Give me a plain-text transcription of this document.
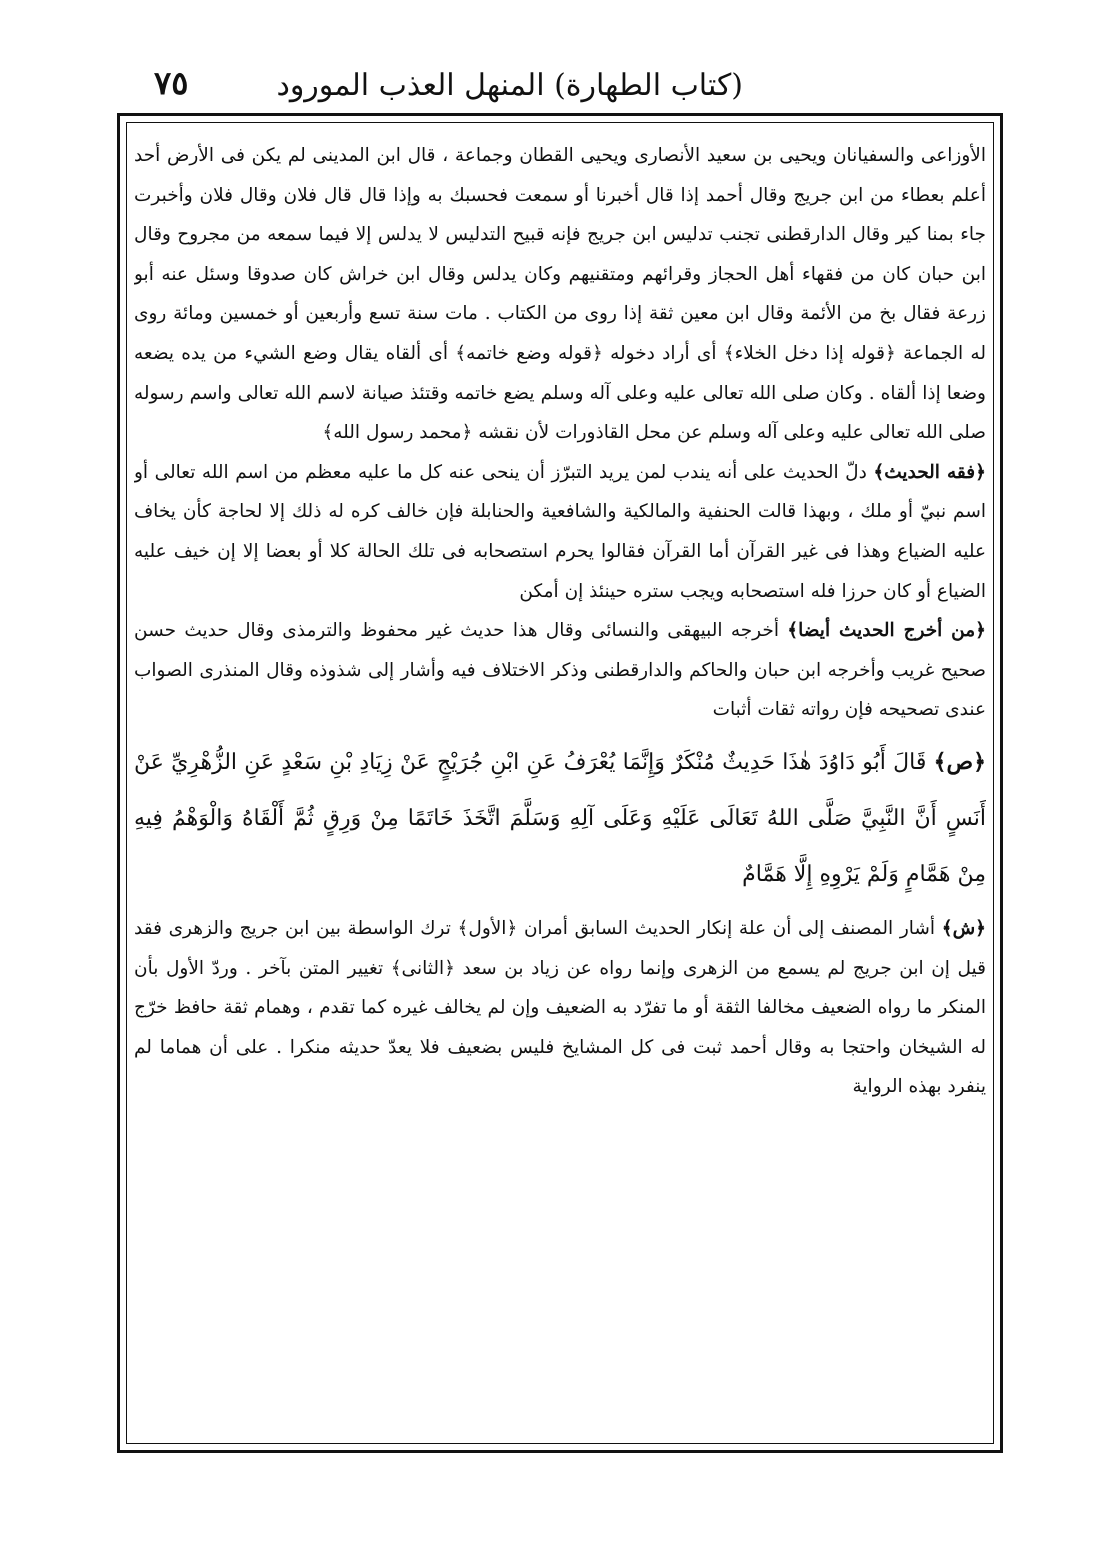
(كتاب الطهارة) المنهل العذب المورود
٧٥

الأوزاعى والسفيانان ويحيى بن سعيد الأنصارى ويحيى القطان وجماعة ، قال ابن المدينى لم يكن فى الأرض أحد أعلم بعطاء من ابن جريج وقال أحمد إذا قال أخبرنا أو سمعت فحسبك به وإذا قال قال فلان وقال فلان وأخبرت جاء بمنا كير وقال الدارقطنى تجنب تدليس ابن جريج فإنه قبيح التدليس لا يدلس إلا فيما سمعه من مجروح وقال ابن حبان كان من فقهاء أهل الحجاز وقرائهم ومتقنيهم وكان يدلس وقال ابن خراش كان صدوقا وسئل عنه أبو زرعة فقال بخ من الأئمة وقال ابن معين ثقة إذا روى من الكتاب . مات سنة تسع وأربعين أو خمسين ومائة روى له الجماعة ﴿قوله إذا دخل الخلاء﴾ أى أراد دخوله ﴿قوله وضع خاتمه﴾ أى ألقاه يقال وضع الشيء من يده يضعه وضعا إذا ألقاه . وكان صلى الله تعالى عليه وعلى آله وسلم يضع خاتمه وقتئذ صيانة لاسم الله تعالى واسم رسوله صلى الله تعالى عليه وعلى آله وسلم عن محل القاذورات لأن نقشه ﴿محمد رسول الله﴾

﴿فقه الحديث﴾ دلّ الحديث على أنه يندب لمن يريد التبرّز أن ينحى عنه كل ما عليه معظم من اسم الله تعالى أو اسم نبيّ أو ملك ، وبهذا قالت الحنفية والمالكية والشافعية والحنابلة فإن خالف كره له ذلك إلا لحاجة كأن يخاف عليه الضياع وهذا فى غير القرآن أما القرآن فقالوا يحرم استصحابه فى تلك الحالة كلا أو بعضا إلا إن خيف عليه الضياع أو كان حرزا فله استصحابه ويجب ستره حينئذ إن أمكن

﴿من أخرج الحديث أيضا﴾ أخرجه البيهقى والنسائى وقال هذا حديث غير محفوظ والترمذى وقال حديث حسن صحيح غريب وأخرجه ابن حبان والحاكم والدارقطنى وذكر الاختلاف فيه وأشار إلى شذوذه وقال المنذرى الصواب عندى تصحيحه فإن رواته ثقات أثبات

﴿ص﴾ قَالَ أَبُو دَاوُدَ هٰذَا حَدِيثٌ مُنْكَرٌ وَإِنَّمَا يُعْرَفُ عَنِ ابْنِ جُرَيْجٍ عَنْ زِيَادِ بْنِ سَعْدٍ عَنِ الزُّهْرِيِّ عَنْ أَنَسٍ أَنَّ النَّبِيَّ صَلَّى اللهُ تَعَالَى عَلَيْهِ وَعَلَى آلِهِ وَسَلَّمَ اتَّخَذَ خَاتَمًا مِنْ وَرِقٍ ثُمَّ أَلْقَاهُ وَالْوَهْمُ فِيهِ مِنْ هَمَّامٍ وَلَمْ يَرْوِهِ إِلَّا هَمَّامٌ

﴿ش﴾ أشار المصنف إلى أن علة إنكار الحديث السابق أمران ﴿الأول﴾ ترك الواسطة بين ابن جريج والزهرى فقد قيل إن ابن جريج لم يسمع من الزهرى وإنما رواه عن زياد بن سعد ﴿الثانى﴾ تغيير المتن بآخر . وردّ الأول بأن المنكر ما رواه الضعيف مخالفا الثقة أو ما تفرّد به الضعيف وإن لم يخالف غيره كما تقدم ، وهمام ثقة حافظ خرّج له الشيخان واحتجا به وقال أحمد ثبت فى كل المشايخ فليس بضعيف فلا يعدّ حديثه منكرا . على أن هماما لم ينفرد بهذه الرواية
